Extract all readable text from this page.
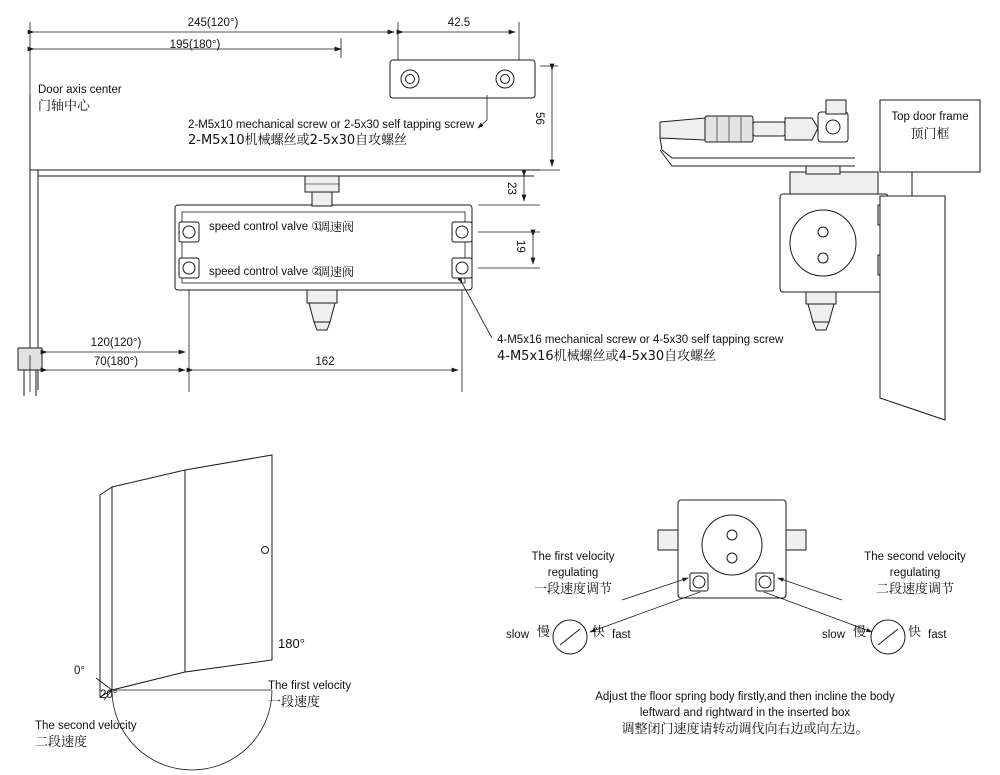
245(120°)
195(180°)
42.5
Door axis center
门轴中心
2-M5x10 mechanical screw or 2-5x30 self tapping screw
2-M5x10机械螺丝或2-5x30自攻螺丝
speed control valve ①
调速阀
speed control valve ②
调速阀
56
23
19
120(120°)
70(180°)	162
4-M5x16 mechanical screw or 4-5x30 self tapping screw
4-M5x16机械螺丝或4-5x30自攻螺丝
Top door frame
顶门框
0°
20°
180°
The first velocity
一段速度
The second velocity
二段速度
The first velocity
regulating
一段速度调节
The second velocity
regulating
二段速度调节
slow 慢	快 fast	slow 慢	快 fast
Adjust the floor spring body firstly,and then incline the body
leftward and rightward in the inserted box
调整闭门速度请转动调伐向右边或向左边。
